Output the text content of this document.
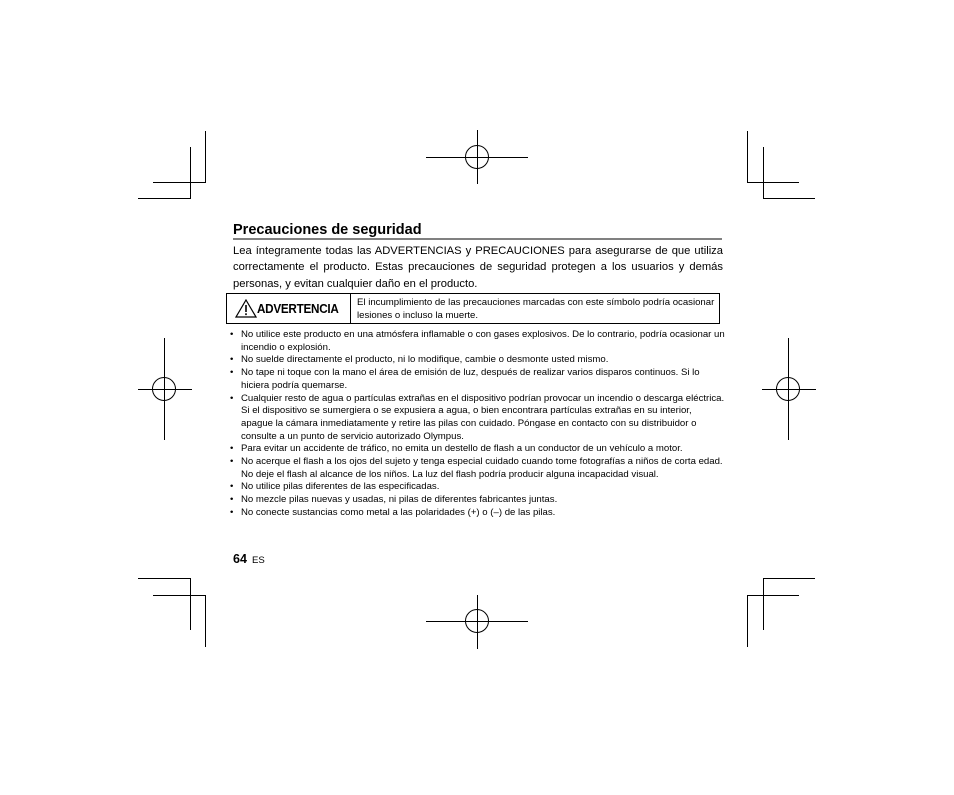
Precauciones de seguridad
Lea íntegramente todas las ADVERTENCIAS y PRECAUCIONES para asegurarse de que utiliza correctamente el producto. Estas precauciones de seguridad protegen a los usuarios y demás personas, y evitan cualquier daño en el producto.
ADVERTENCIA El incumplimiento de las precauciones marcadas con este símbolo podría ocasionar lesiones o incluso la muerte.
• No utilice este producto en una atmósfera inflamable o con gases explosivos. De lo contrario, podría ocasionar un incendio o explosión.
• No suelde directamente el producto, ni lo modifique, cambie o desmonte usted mismo.
• No tape ni toque con la mano el área de emisión de luz, después de realizar varios disparos continuos. Si lo hiciera podría quemarse.
• Cualquier resto de agua o partículas extrañas en el dispositivo podrían provocar un incendio o descarga eléctrica. Si el dispositivo se sumergiera o se expusiera a agua, o bien encontrara partículas extrañas en su interior, apague la cámara inmediatamente y retire las pilas con cuidado. Póngase en contacto con su distribuidor o consulte a un punto de servicio autorizado Olympus.
• Para evitar un accidente de tráfico, no emita un destello de flash a un conductor de un vehículo a motor.
• No acerque el flash a los ojos del sujeto y tenga especial cuidado cuando tome fotografías a niños de corta edad. No deje el flash al alcance de los niños. La luz del flash podría producir alguna incapacidad visual.
• No utilice pilas diferentes de las especificadas.
• No mezcle pilas nuevas y usadas, ni pilas de diferentes fabricantes juntas.
• No conecte sustancias como metal a las polaridades (+) o (–) de las pilas.
64 ES
